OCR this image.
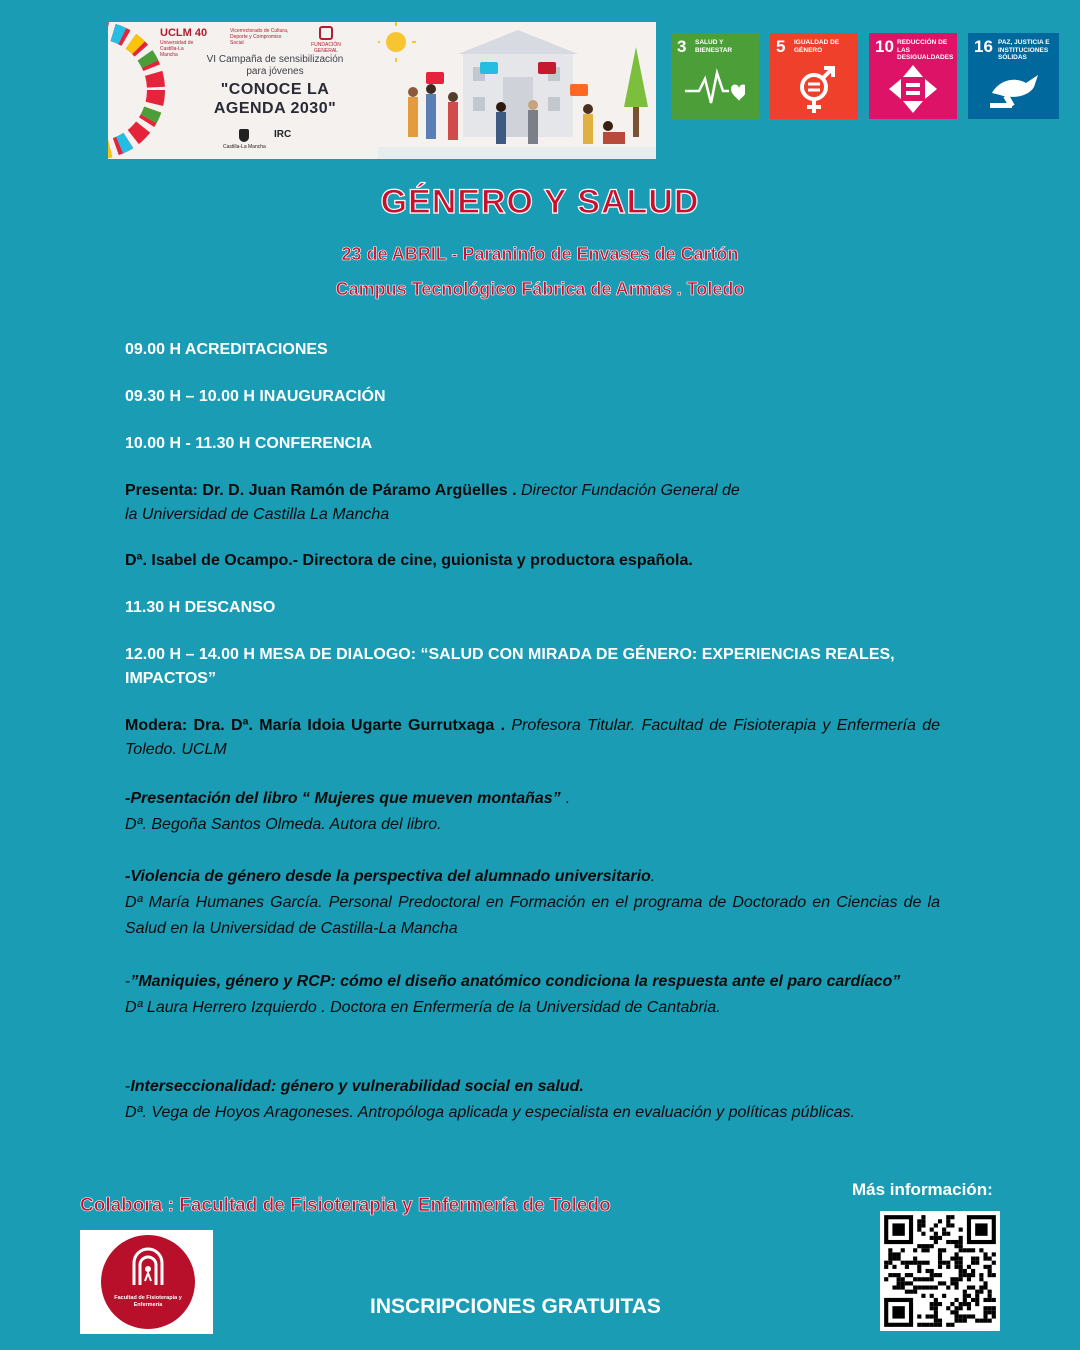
UCLM 40
Universidad de Castilla-La Mancha
Vicerrectorado de Cultura, Deporte y Compromiso Social	FUNDACIÓN GENERAL
VI Campaña de sensibilización
para jóvenes
"CONOCE LA
AGENDA 2030"
Castilla-La Mancha
IRC
3 SALUD Y BIENESTAR	5 IGUALDAD DE GÉNERO	10 REDUCCIÓN DE LAS DESIGUALDADES
16 PAZ, JUSTICIA E INSTITUCIONES SÓLIDAS
GÉNERO Y SALUD
23 de ABRIL - Paraninfo de Envases de Cartón
Campus Tecnológico Fábrica de Armas . Toledo

09.00 H ACREDITACIONES

09.30 H – 10.00 H INAUGURACIÓN

10.00 H - 11.30 H CONFERENCIA

Presenta: Dr. D. Juan Ramón de Páramo Argüelles . Director Fundación General de

la Universidad de Castilla La Mancha

Dª. Isabel de Ocampo.- Directora de cine, guionista y productora española.

11.30 H DESCANSO

12.00 H – 14.00 H MESA DE DIALOGO: “SALUD CON MIRADA DE GÉNERO: EXPERIENCIAS REALES, IMPACTOS”

Modera: Dra. Dª. María Idoia Ugarte Gurrutxaga . Profesora Titular. Facultad de Fisioterapia y Enfermería de Toledo. UCLM

-Presentación del libro “ Mujeres que mueven montañas” .

Dª. Begoña Santos Olmeda. Autora del libro.

-Violencia de género desde la perspectiva del alumnado universitario.

Dª María Humanes García. Personal Predoctoral en Formación en el programa de Doctorado en Ciencias de la Salud en la Universidad de Castilla-La Mancha

-”Maniquies, género y RCP: cómo el diseño anatómico condiciona la respuesta ante el paro cardíaco”

Dª Laura Herrero Izquierdo . Doctora en Enfermería de la Universidad de Cantabria.

-Interseccionalidad: género y vulnerabilidad social en salud.

Dª. Vega de Hoyos Aragoneses. Antropóloga aplicada y especialista en evaluación y políticas públicas.

Colabora : Facultad de Fisioterapia y Enfermería de Toledo
Facultad de Fisioterapia y Enfermería	INSCRIPCIONES GRATUITAS
Más información:
